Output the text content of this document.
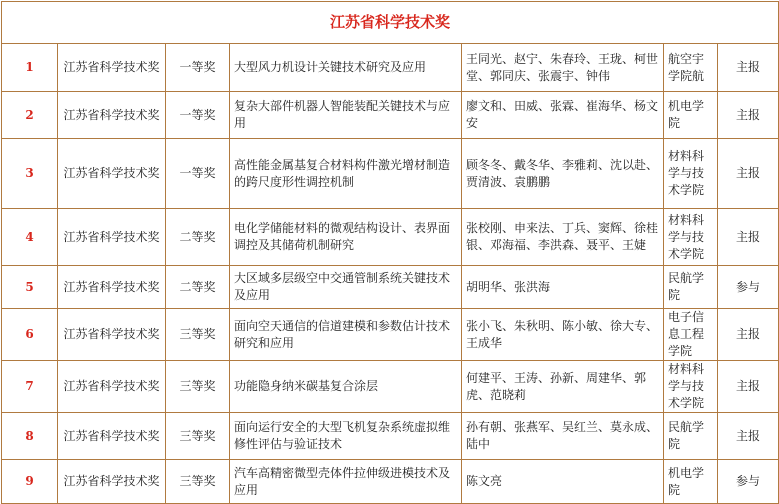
江苏省科学技术奖						
1	江苏省科学技术奖	一等奖	大型风力机设计关键技术研究及应用	王同光、赵宁、朱春玲、王珑、柯世堂、郭同庆、张震宇、钟伟	航空宇学院航	主报
2	江苏省科学技术奖	一等奖	复杂大部件机器人智能装配关键技术与应用	廖文和、田威、张霖、崔海华、杨文安	机电学院	主报
3	江苏省科学技术奖	一等奖	高性能金属基复合材料构件激光增材制造的跨尺度形性调控机制	顾冬冬、戴冬华、李雅莉、沈以赴、贾清波、袁鹏鹏	材料科学与技术学院	主报
4	江苏省科学技术奖	二等奖	电化学储能材料的微观结构设计、表界面调控及其储荷机制研究	张校刚、申来法、丁兵、窦辉、徐桂银、邓海福、李洪森、聂平、王婕	材料科学与技术学院	主报
5	江苏省科学技术奖	二等奖	大区域多层级空中交通管制系统关键技术及应用	胡明华、张洪海	民航学院	参与
6	江苏省科学技术奖	三等奖	面向空天通信的信道建模和参数估计技术研究和应用	张小飞、朱秋明、陈小敏、徐大专、王成华	电子信息工程学院	主报
7	江苏省科学技术奖	三等奖	功能隐身纳米碳基复合涂层	何建平、王涛、孙新、周建华、郭虎、范晓莉	材料科学与技术学院	主报
8	江苏省科学技术奖	三等奖	面向运行安全的大型飞机复杂系统虚拟维修性评估与验证技术	孙有朝、张燕军、吴红兰、莫永成、陆中	民航学院	主报
9	江苏省科学技术奖	三等奖	汽车高精密微型壳体件拉伸级进模技术及应用	陈文亮	机电学院	参与
